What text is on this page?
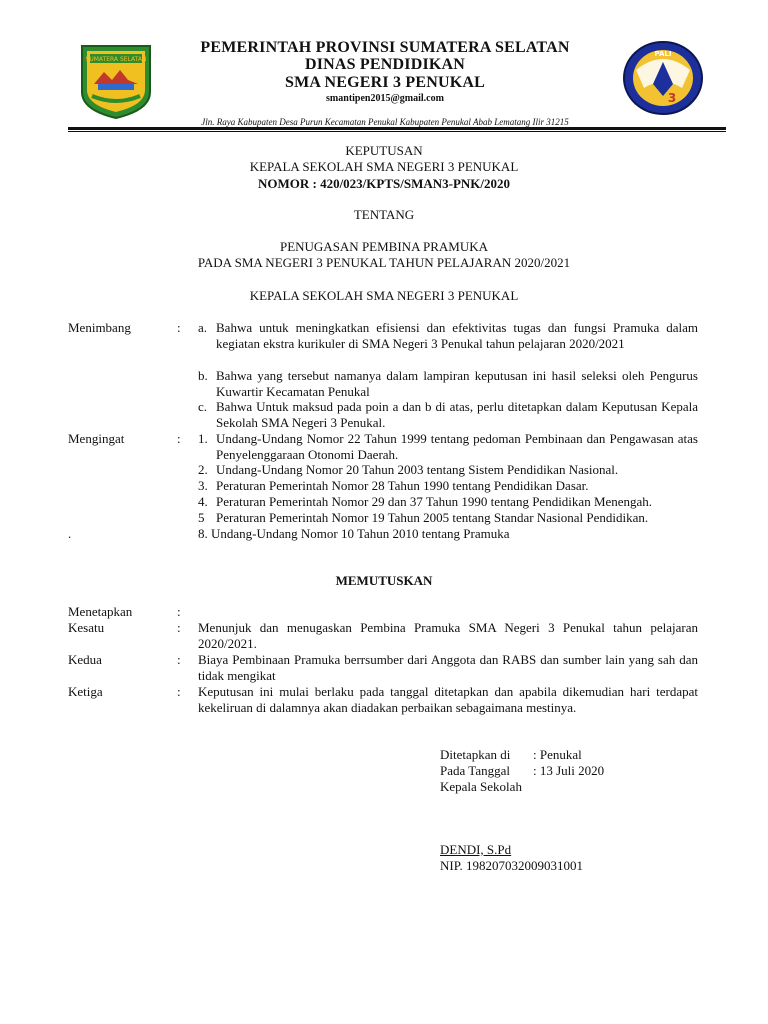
SUMATERA SELATAN
PALI
3
PEMERINTAH PROVINSI SUMATERA SELATAN
DINAS PENDIDIKAN
SMA NEGERI 3 PENUKAL
smantipen2015@gmail.com
Jln. Raya Kabupaten Desa Purun Kecamatan Penukal Kabupaten Penukal Abab Lematang Ilir 31215
KEPUTUSAN
KEPALA SEKOLAH SMA NEGERI 3 PENUKAL
NOMOR : 420/023/KPTS/SMAN3-PNK/2020
TENTANG
PENUGASAN PEMBINA PRAMUKA
PADA SMA NEGERI 3 PENUKAL TAHUN PELAJARAN 2020/2021
KEPALA SEKOLAH SMA NEGERI 3 PENUKAL
Menimbang	: a. Bahwa untuk meningkatkan efisiensi dan efektivitas tugas dan fungsi Pramuka dalam kegiatan ekstra kurikuler di SMA Negeri 3 Penukal tahun pelajaran 2020/2021
b. Bahwa yang tersebut namanya dalam lampiran keputusan ini hasil seleksi oleh Pengurus Kuwartir Kecamatan Penukal
c. Bahwa Untuk maksud pada poin a dan b di atas, perlu ditetapkan dalam Keputusan Kepala Sekolah SMA Negeri 3 Penukal.
Mengingat	: 1. Undang-Undang Nomor 22 Tahun 1999 tentang pedoman Pembinaan dan Pengawasan atas Penyelenggaraan Otonomi Daerah.
2. Undang-Undang Nomor 20 Tahun 2003 tentang Sistem Pendidikan Nasional.
3. Peraturan Pemerintah Nomor 28 Tahun 1990 tentang Pendidikan Dasar.
4. Peraturan Pemerintah Nomor 29 dan 37 Tahun 1990 tentang Pendidikan Menengah.
5 Peraturan Pemerintah Nomor 19 Tahun 2005 tentang Standar Nasional Pendidikan.
.	8. Undang-Undang Nomor 10 Tahun 2010 tentang Pramuka
MEMUTUSKAN
Menetapkan	:
Kesatu	: Menunjuk dan menugaskan Pembina Pramuka SMA Negeri 3 Penukal tahun pelajaran 2020/2021.
Kedua	: Biaya Pembinaan Pramuka berrsumber dari Anggota dan RABS dan sumber lain yang sah dan tidak mengikat
Ketiga	: Keputusan ini mulai berlaku pada tanggal ditetapkan dan apabila dikemudian hari terdapat kekeliruan di dalamnya akan diadakan perbaikan sebagaimana mestinya.
Ditetapkan di : Penukal
Pada Tanggal : 13 Juli 2020
Kepala Sekolah
DENDI, S.Pd
NIP. 198207032009031001
